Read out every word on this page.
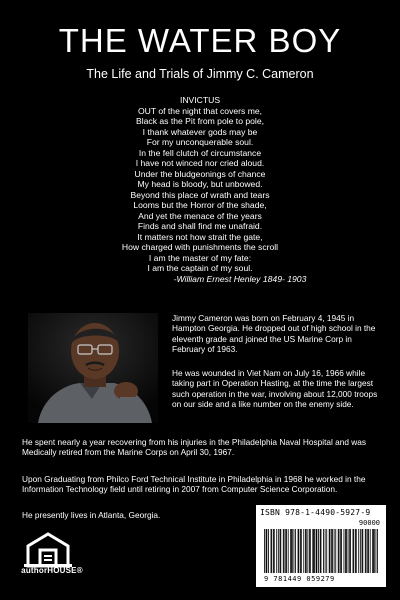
THE WATER BOY
The Life and Trials of Jimmy C. Cameron
INVICTUS
OUT of the night that covers me,
Black as the Pit from pole to pole,
I thank whatever gods may be
For my unconquerable soul.
In the fell clutch of circumstance
I have not winced nor cried aloud.
Under the bludgeonings of chance
My head is bloody, but unbowed.
Beyond this place of wrath and tears
Looms but the Horror of the shade,
And yet the menace of the years
Finds and shall find me unafraid.
It matters not how strait the gate,
How charged with punishments the scroll
I am the master of my fate:
I am the captain of my soul.
-William Ernest Henley 1849- 1903
Jimmy Cameron was born on February 4, 1945 in Hampton Georgia. He dropped out of high school in the eleventh grade and joined the US Marine Corp in February of 1963.
He was wounded in Viet Nam on July 16, 1966 while taking part in Operation Hasting, at the time the largest such operation in the war, involving about 12,000 troops on our side and a like number on the enemy side.
He spent nearly a year recovering from his injuries in the Philadelphia Naval Hospital and was Medically retired from the Marine Corps on April 30, 1967.
Upon Graduating from Philco Ford Technical Institute in Philadelphia in 1968 he worked in the Information Technology field until retiring in 2007 from Computer Science Corporation.
He presently lives in Atlanta, Georgia.
authorHOUSE®
ISBN 978-1-4490-5927-9
90000
9 781449 059279
